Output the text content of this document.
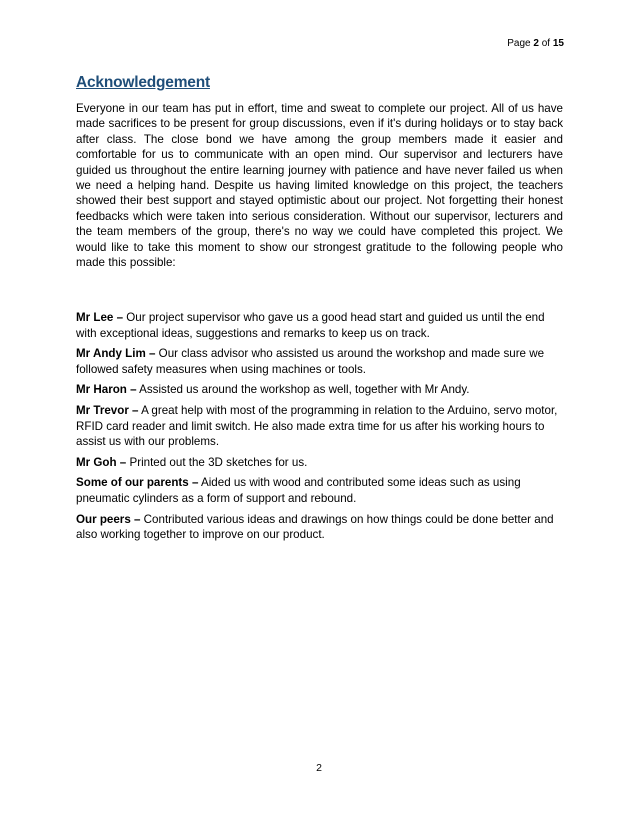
Page 2 of 15
Acknowledgement

Everyone in our team has put in effort, time and sweat to complete our project. All of us have made sacrifices to be present for group discussions, even if it's during holidays or to stay back after class. The close bond we have among the group members made it easier and comfortable for us to communicate with an open mind. Our supervisor and lecturers have guided us throughout the entire learning journey with patience and have never failed us when we need a helping hand. Despite us having limited knowledge on this project, the teachers showed their best support and stayed optimistic about our project. Not forgetting their honest feedbacks which were taken into serious consideration. Without our supervisor, lecturers and the team members of the group, there's no way we could have completed this project. We would like to take this moment to show our strongest gratitude to the following people who made this possible:

Mr Lee – Our project supervisor who gave us a good head start and guided us until the end with exceptional ideas, suggestions and remarks to keep us on track.

Mr Andy Lim – Our class advisor who assisted us around the workshop and made sure we followed safety measures when using machines or tools.

Mr Haron – Assisted us around the workshop as well, together with Mr Andy.

Mr Trevor – A great help with most of the programming in relation to the Arduino, servo motor, RFID card reader and limit switch. He also made extra time for us after his working hours to assist us with our problems.

Mr Goh – Printed out the 3D sketches for us.

Some of our parents – Aided us with wood and contributed some ideas such as using pneumatic cylinders as a form of support and rebound.

Our peers – Contributed various ideas and drawings on how things could be done better and also working together to improve on our product.

2
